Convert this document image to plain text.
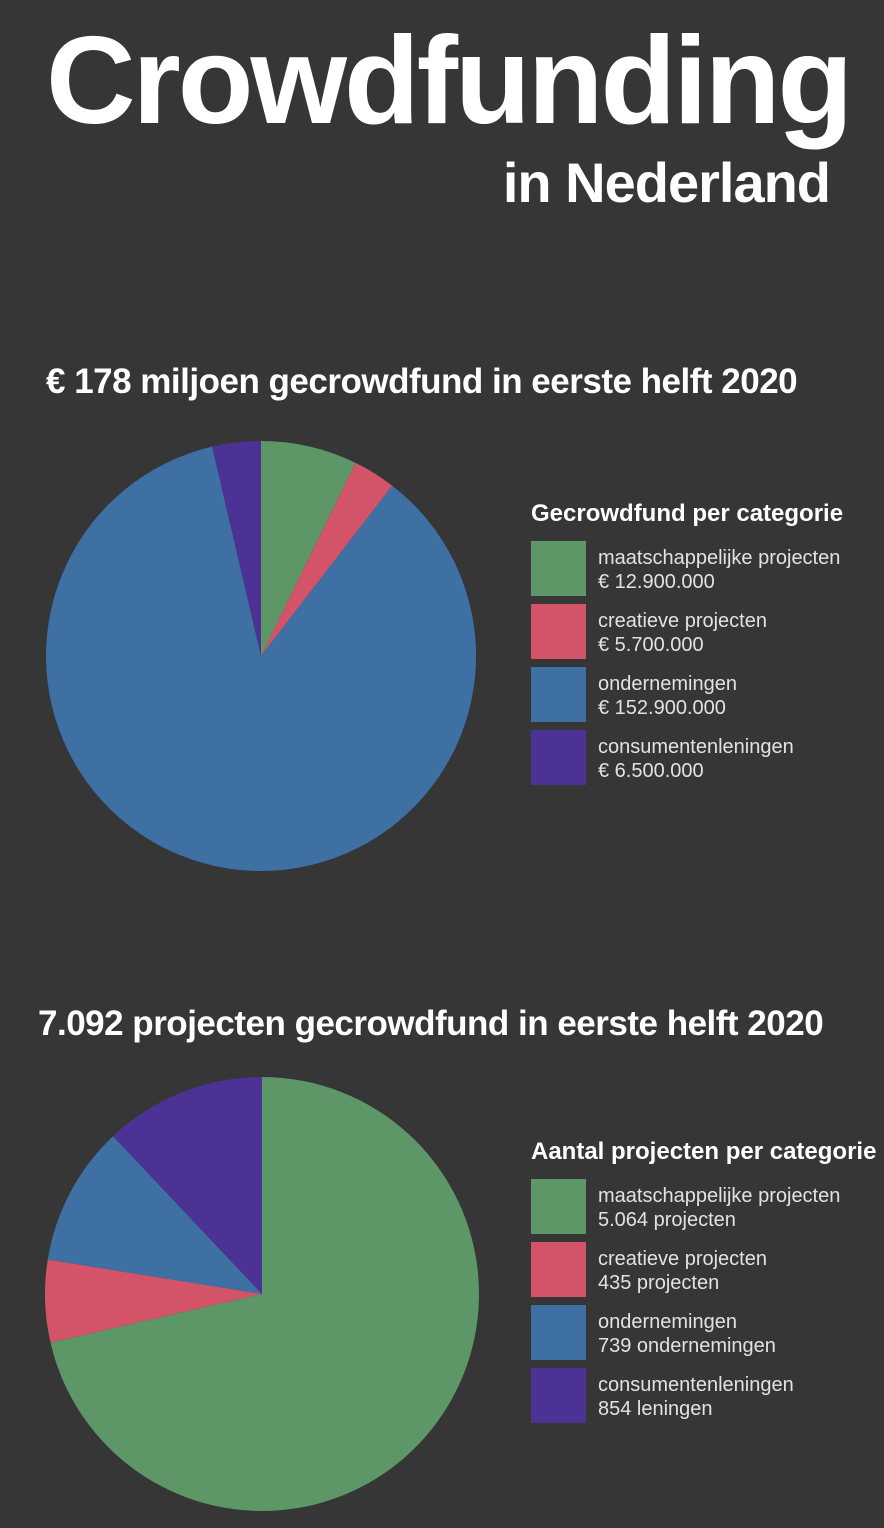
Crowdfunding
in Nederland
€ 178 miljoen gecrowdfund in eerste helft 2020
Gecrowdfund per categorie
maatschappelijke projecten
€ 12.900.000
creatieve projecten
€ 5.700.000
ondernemingen
€ 152.900.000
consumentenleningen
€ 6.500.000
7.092 projecten gecrowdfund in eerste helft 2020
Aantal projecten per categorie
maatschappelijke projecten
5.064 projecten
creatieve projecten
435 projecten
ondernemingen
739 ondernemingen
consumentenleningen
854 leningen
